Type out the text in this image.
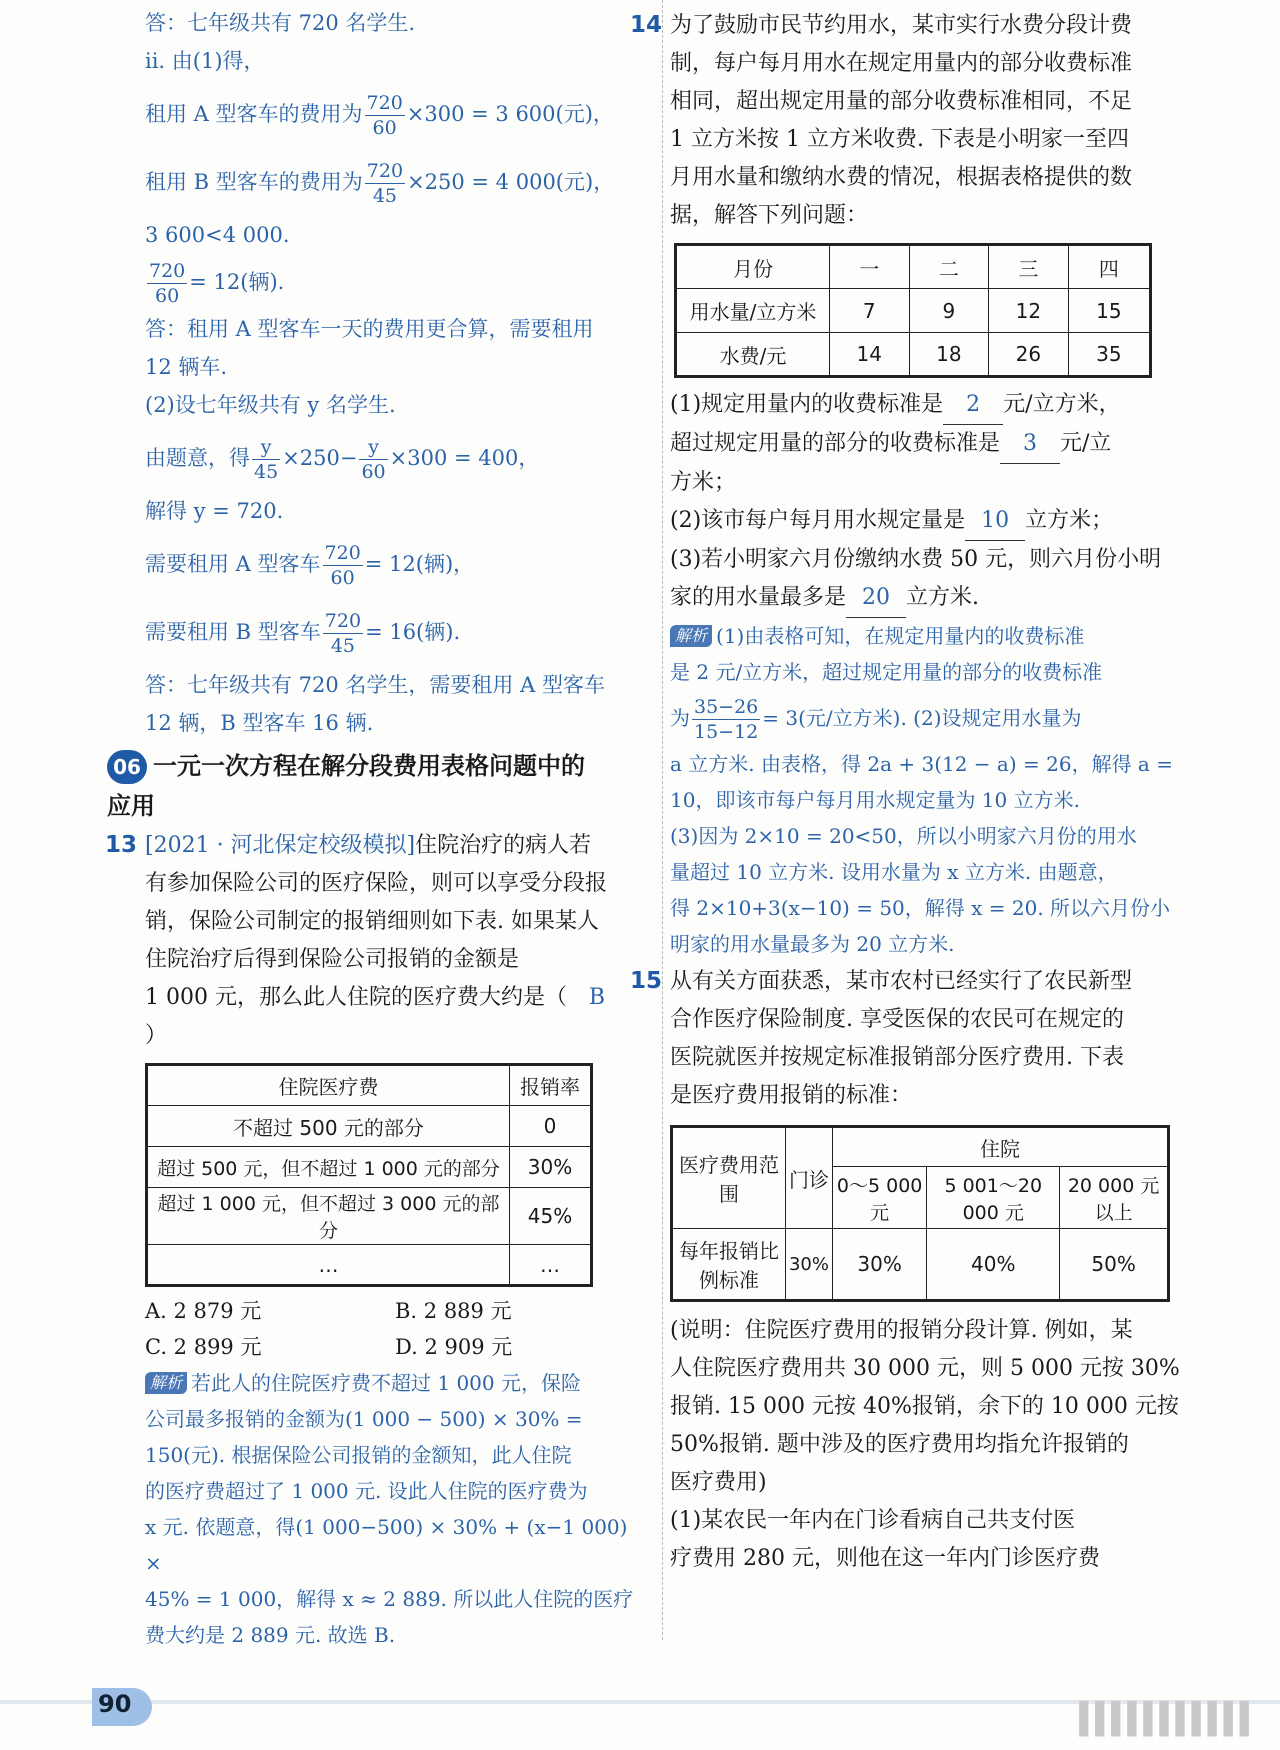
答：七年级共有 720 名学生.

ii. 由(1)得，

租用 A 型客车的费用为 $\frac{720}{60} \times 300 = 3$ 600(元)，

租用 B 型客车的费用为 $\frac{720}{45} \times 250 = 4$ 000(元)，

3 600<4 000.

$\frac{720}{60} = 12$(辆).

答：租用 A 型客车一天的费用更合算，需要租用

12 辆车.

(2)设七年级共有 y 名学生.

由题意，得 $\frac{y}{45} \times 250- \frac{y}{60} \times 300 = 400$，

解得 y = 720.

需要租用 A 型客车 $\frac{720}{60} = 12$(辆)，

需要租用 B 型客车 $\frac{720}{45} = 16$(辆).

答：七年级共有 720 名学生，需要租用 A 型客车

12 辆，B 型客车 16 辆.

06 一元一次方程在解分段费用表格问题中的

应用

13 [2021 · 河北保定校级模拟]住院治疗的病人若

有参加保险公司的医疗保险，则可以享受分段报

销，保险公司制定的报销细则如下表. 如果某人

住院治疗后得到保险公司报销的金额是

1 000 元，那么此人住院的医疗费大约是（ B）

住院医疗费	报销率
不超过 500 元的部分	0
超过 500 元，但不超过 1 000 元的部分	30%
超过 1 000 元，但不超过 3 000 元的部分	45%
…	…
A. 2 879 元	B. 2 889 元
C. 2 899 元	D. 2 909 元

解析 若此人的住院医疗费不超过 1 000 元，保险

公司最多报销的金额为(1 000 − 500) × 30% =

150(元). 根据保险公司报销的金额知，此人住院

的医疗费超过了 1 000 元. 设此人住院的医疗费为

x 元. 依题意，得(1 000−500) × 30% + (x−1 000) ×

45% = 1 000，解得 x ≈ 2 889. 所以此人住院的医疗

费大约是 2 889 元. 故选 B.

14 为了鼓励市民节约用水，某市实行水费分段计费

制，每户每月用水在规定用量内的部分收费标准

相同，超出规定用量的部分收费标准相同，不足

1 立方米按 1 立方米收费. 下表是小明家一至四

月用水量和缴纳水费的情况，根据表格提供的数

据，解答下列问题：

月份	一	二	三	四
用水量/立方米	7	9	12	15
水费/元	14	18	26	35

(1)规定用量内的收费标准是 2 元/立方米，

超过规定用量的部分的收费标准是 3 元/立

方米；

(2)该市每户每月用水规定量是 10 立方米；

(3)若小明家六月份缴纳水费 50 元，则六月份小明

家的用水量最多是 20 立方米.

解析 (1)由表格可知，在规定用量内的收费标准

是 2 元/立方米，超过规定用量的部分的收费标准

为 $\frac{35-26}{15-12} = 3$(元/立方米). (2)设规定用水量为

a 立方米. 由表格，得 2a + 3(12 − a) = 26，解得 a =

10，即该市每户每月用水规定量为 10 立方米.

(3)因为 2×10 = 20<50，所以小明家六月份的用水

量超过 10 立方米. 设用水量为 x 立方米. 由题意，

得 2×10+3(x−10) = 50，解得 x = 20. 所以六月份小

明家的用水量最多为 20 立方米.

15 从有关方面获悉，某市农村已经实行了农民新型

合作医疗保险制度. 享受医保的农民可在规定的

医院就医并按规定标准报销部分医疗费用. 下表

是医疗费用报销的标准：

医疗费用范围	门诊	住院		
		0～5 000 元	5 001～20 000 元	20 000 元以上
每年报销比例标准	30%	30%	40%	50%

(说明：住院医疗费用的报销分段计算. 例如，某

人住院医疗费用共 30 000 元，则 5 000 元按 30%

报销. 15 000 元按 40%报销，余下的 10 000 元按

50%报销. 题中涉及的医疗费用均指允许报销的

医疗费用)

(1)某农民一年内在门诊看病自己共支付医

疗费用 280 元，则他在这一年内门诊医疗费

90	▌▌▌▌▌▌▌▌▌▌▌
